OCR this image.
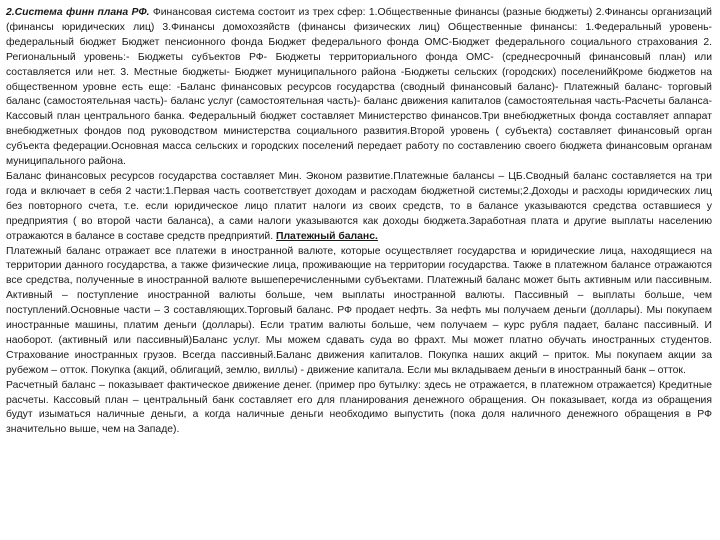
2.Система финн плана РФ. Финансовая система состоит из трех сфер: 1.Общественные финансы (разные бюджеты) 2.Финансы организаций (финансы юридических лиц) 3.Финансы домохозяйств (финансы физических лиц) Общественные финансы: 1.Федеральный уровень-федеральный бюджет Бюджет пенсионного фонда Бюджет федерального фонда ОМС-Бюджет федерального социального страхования 2. Региональный уровень:- Бюджеты субъектов РФ- Бюджеты территориального фонда ОМС- (среднесрочный финансовый план) или составляется или нет. 3. Местные бюджеты- Бюджет муниципального района -Бюджеты сельских (городских) поселенийКроме бюджетов на общественном уровне есть еще: -Баланс финансовых ресурсов государства (сводный финансовый баланс)- Платежный баланс- торговый баланс (самостоятельная часть)- баланс услуг (самостоятельная часть)- баланс движения капиталов (самостоятельная часть-Расчеты баланса- Кассовый план центрального банка. Федеральный бюджет составляет Министерство финансов.Три внебюджетных фонда составляет аппарат внебюджетных фондов под руководством министерства социального развития.Второй уровень ( субъекта) составляет финансовый орган субъекта федерации.Основная масса сельских и городских поселений передает работу по составлению своего бюджета финансовым органам муниципального района.

Баланс финансовых ресурсов государства составляет Мин. Эконом развитие.Платежные балансы – ЦБ.Сводный баланс составляется на три года и включает в себя 2 части:1.Первая часть соответствует доходам и расходам бюджетной системы;2.Доходы и расходы юридических лиц без повторного счета, т.е. если юридическое лицо платит налоги из своих средств, то в балансе указываются средства оставшиеся у предприятия ( во второй части баланса), а сами налоги указываются как доходы бюджета.Заработная плата и другие выплаты населению отражаются в балансе в составе средств предприятий. Платежный баланс.

Платежный баланс отражает все платежи в иностранной валюте, которые осуществляет государства и юридические лица, находящиеся на территории данного государства, а также физические лица, проживающие на территории государства. Также в платежном балансе отражаются все средства, полученные в иностранной валюте вышеперечисленными субъектами. Платежный баланс может быть активным или пассивным. Активный – поступление иностранной валюты больше, чем выплаты иностранной валюты. Пассивный – выплаты больше, чем поступлений.Основные части – 3 составляющих.Торговый баланс. РФ продает нефть. За нефть мы получаем деньги (доллары). Мы покупаем иностранные машины, платим деньги (доллары). Если тратим валюты больше, чем получаем – курс рубля падает, баланс пассивный. И наоборот. (активный или пассивный)Баланс услуг. Мы можем сдавать суда во фрахт. Мы может платно обучать иностранных студентов. Страхование иностранных грузов. Всегда пассивный.Баланс движения капиталов. Покупка наших акций – приток. Мы покупаем акции за рубежом – отток. Покупка (акций, облигаций, землю, виллы) - движение капитала. Если мы вкладываем деньги в иностранный банк – отток.

Расчетный баланс – показывает фактическое движение денег. (пример про бутылку: здесь не отражается, в платежном отражается) Кредитные расчеты. Кассовый план – центральный банк составляет его для планирования денежного обращения. Он показывает, когда из обращения будут изыматься наличные деньги, а когда наличные деньги необходимо выпустить (пока доля наличного денежного обращения в РФ значительно выше, чем на Западе).
